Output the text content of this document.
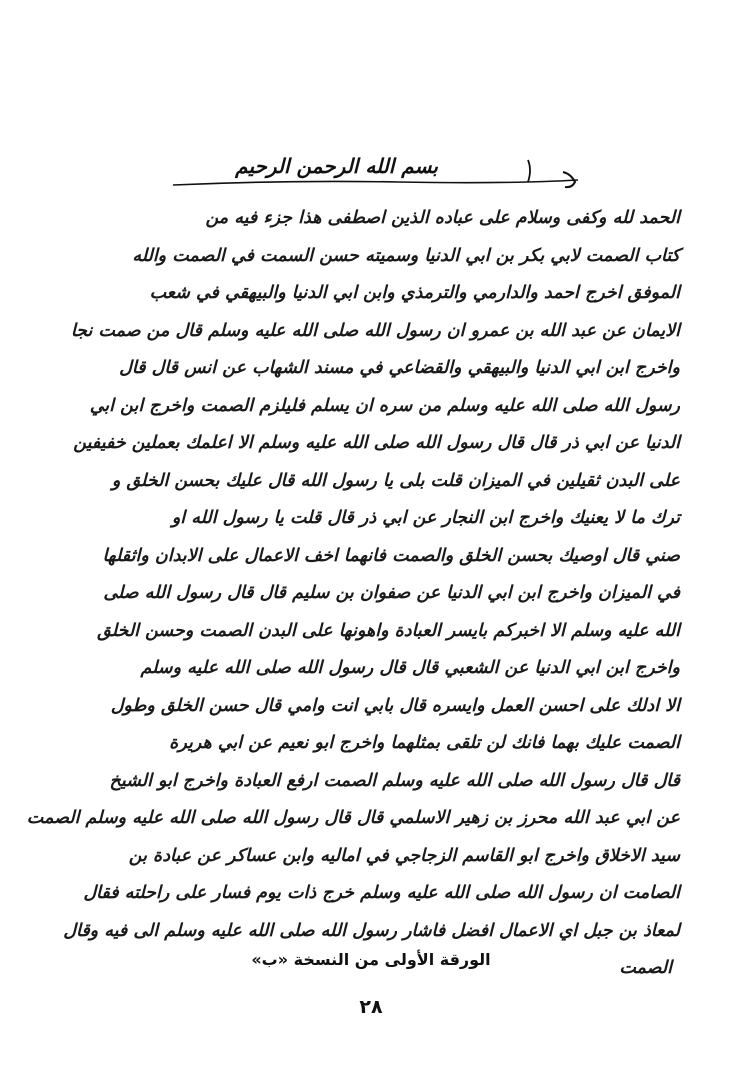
بسم الله الرحمن الرحيم
الحمد لله وكفى وسلام على عباده الذين اصطفى هذا جزء فيه من
كتاب الصمت لابي بكر بن ابي الدنيا وسميته حسن السمت في الصمت والله
الموفق اخرج احمد والدارمي والترمذي وابن ابي الدنيا والبيهقي في شعب
الايمان عن عبد الله بن عمرو ان رسول الله صلى الله عليه وسلم قال من صمت نجا
واخرج ابن ابي الدنيا والبيهقي والقضاعي في مسند الشهاب عن انس قال قال
رسول الله صلى الله عليه وسلم من سره ان يسلم فليلزم الصمت واخرج ابن ابي
الدنيا عن ابي ذر قال قال رسول الله صلى الله عليه وسلم الا اعلمك بعملين خفيفين
على البدن ثقيلين في الميزان قلت بلى يا رسول الله قال عليك بحسن الخلق و
ترك ما لا يعنيك واخرج ابن النجار عن ابي ذر قال قلت يا رسول الله او
صني قال اوصيك بحسن الخلق والصمت فانهما اخف الاعمال على الابدان واثقلها
في الميزان واخرج ابن ابي الدنيا عن صفوان بن سليم قال قال رسول الله صلى
الله عليه وسلم الا اخبركم بايسر العبادة واهونها على البدن الصمت وحسن الخلق
واخرج ابن ابي الدنيا عن الشعبي قال قال رسول الله صلى الله عليه وسلم
الا ادلك على احسن العمل وايسره قال بابي انت وامي قال حسن الخلق وطول
الصمت عليك بهما فانك لن تلقى بمثلهما واخرج ابو نعيم عن ابي هريرة
قال قال رسول الله صلى الله عليه وسلم الصمت ارفع العبادة واخرج ابو الشيخ
عن ابي عبد الله محرز بن زهير الاسلمي قال قال رسول الله صلى الله عليه وسلم الصمت
سيد الاخلاق واخرج ابو القاسم الزجاجي في اماليه وابن عساكر عن عبادة بن
الصامت ان رسول الله صلى الله عليه وسلم خرج ذات يوم فسار على راحلته فقال
لمعاذ بن جبل اي الاعمال افضل فاشار رسول الله صلى الله عليه وسلم الى فيه وقال
الصمت
الورقة الأولى من النسخة «ب»
٢٨
